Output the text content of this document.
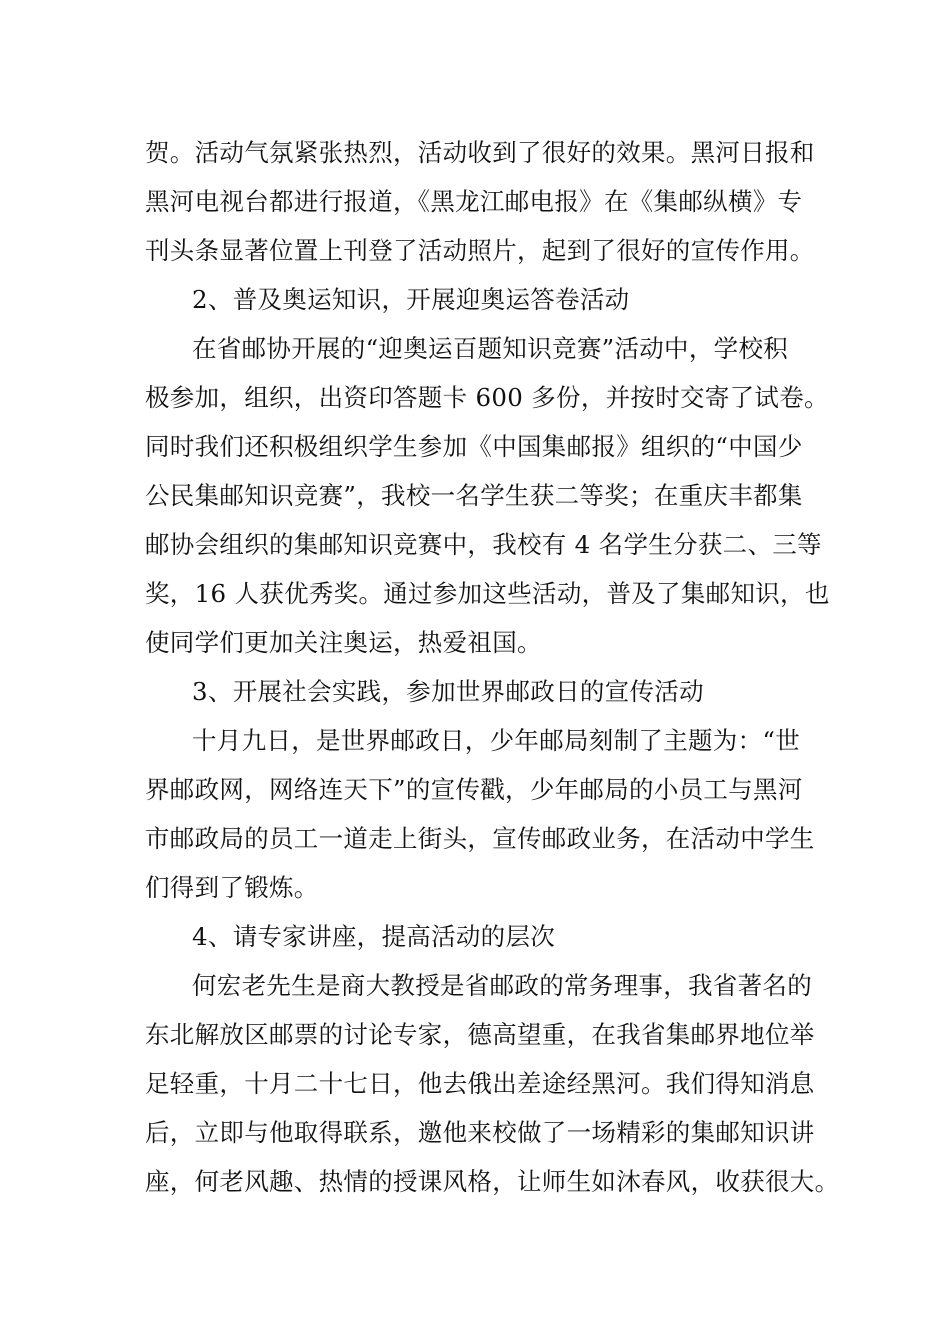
贺。活动气氛紧张热烈，活动收到了很好的效果。黑河日报和
黑河电视台都进行报道，《黑龙江邮电报》在《集邮纵横》专
刊头条显著位置上刊登了活动照片，起到了很好的宣传作用。
2、普及奥运知识，开展迎奥运答卷活动
在省邮协开展的“迎奥运百题知识竞赛”活动中，学校积
极参加，组织，出资印答题卡 600 多份，并按时交寄了试卷。
同时我们还积极组织学生参加《中国集邮报》组织的“中国少
公民集邮知识竞赛”，我校一名学生获二等奖；在重庆丰都集
邮协会组织的集邮知识竞赛中，我校有 4 名学生分获二、三等
奖，16 人获优秀奖。通过参加这些活动，普及了集邮知识，也
使同学们更加关注奥运，热爱祖国。
3、开展社会实践，参加世界邮政日的宣传活动
十月九日，是世界邮政日，少年邮局刻制了主题为：“世
界邮政网，网络连天下”的宣传戳，少年邮局的小员工与黑河
市邮政局的员工一道走上街头，宣传邮政业务，在活动中学生
们得到了锻炼。
4、请专家讲座，提高活动的层次
何宏老先生是商大教授是省邮政的常务理事，我省著名的
东北解放区邮票的讨论专家，德高望重，在我省集邮界地位举
足轻重，十月二十七日，他去俄出差途经黑河。我们得知消息
后，立即与他取得联系，邀他来校做了一场精彩的集邮知识讲
座，何老风趣、热情的授课风格，让师生如沐春风，收获很大。
